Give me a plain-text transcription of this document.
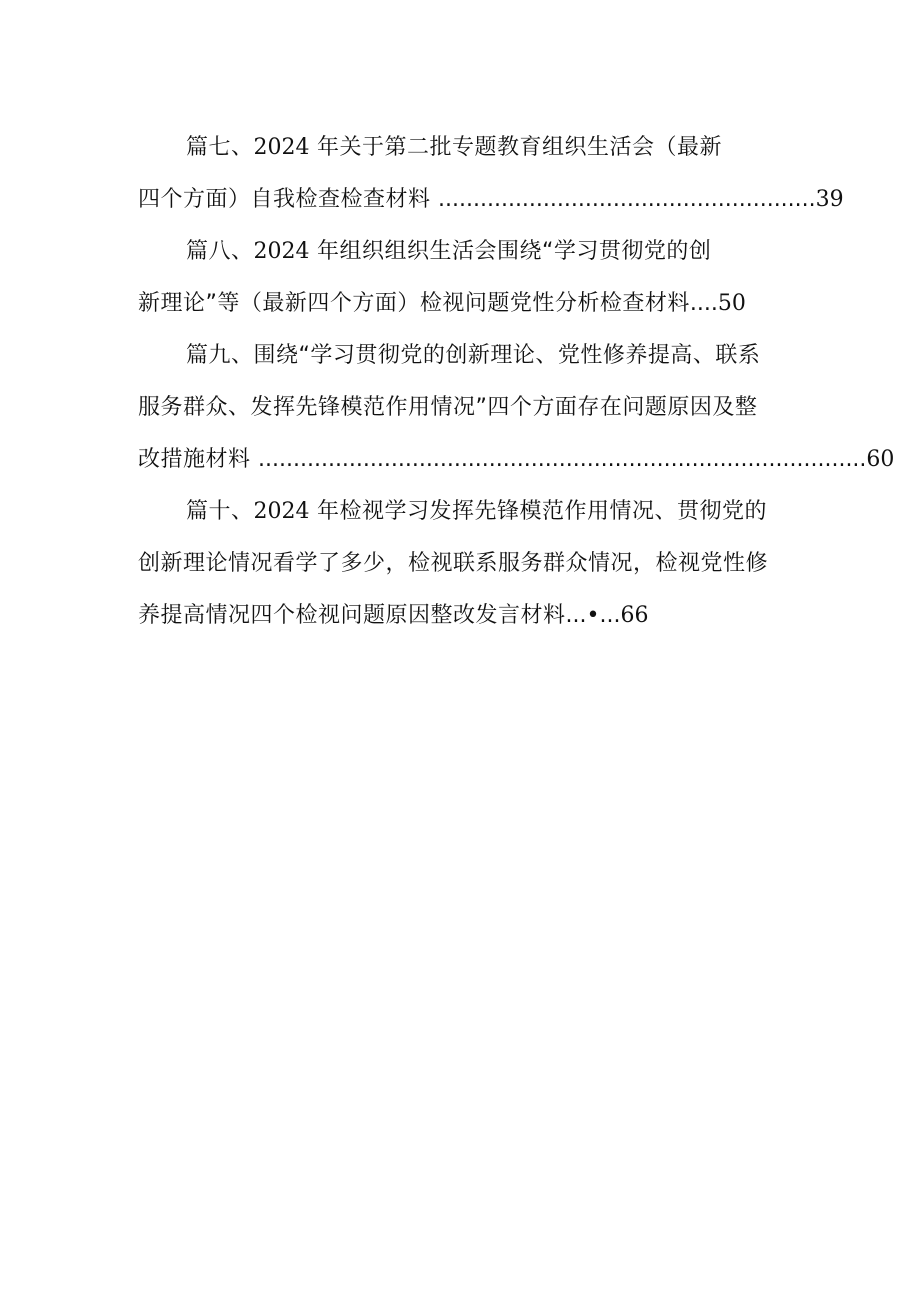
篇七、2024 年关于第二批专题教育组织生活会（最新
四个方面）自我检查检查材料 ......................................................39
篇八、2024 年组织组织生活会围绕“学习贯彻党的创
新理论”等（最新四个方面）检视问题党性分析检查材料....50
篇九、围绕“学习贯彻党的创新理论、党性修养提高、联系
服务群众、发挥先锋模范作用情况”四个方面存在问题原因及整
改措施材料 .......................................................................................60
篇十、2024 年检视学习发挥先锋模范作用情况、贯彻党的
创新理论情况看学了多少，检视联系服务群众情况，检视党性修
养提高情况四个检视问题原因整改发言材料...•...66
